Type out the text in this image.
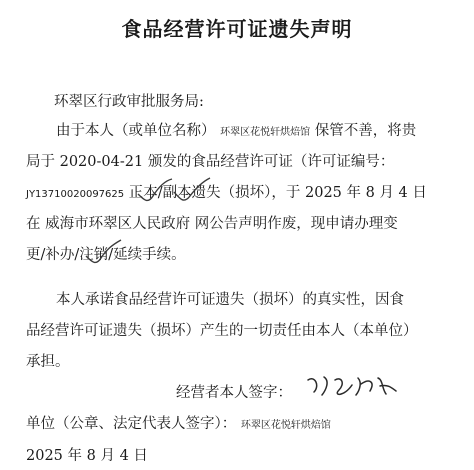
食品经营许可证遗失声明
环翠区行政审批服务局:
由于本人（或单位名称） 环翠区花悦轩烘焙馆 保管不善，将贵
局于 2020-04-21 颁发的食品经营许可证（许可证编号：
JY13710020097625 正本/副本遗失（损坏），于 2025 年 8 月 4 日
在 威海市环翠区人民政府 网公告声明作废，现申请办理变
更/补办/注销/延续手续。
本人承诺食品经营许可证遗失（损坏）的真实性，因食
品经营许可证遗失（损坏）产生的一切责任由本人（本单位）
承担。
经营者本人签字：
单位（公章、法定代表人签字）： 环翠区花悦轩烘焙馆
2025 年 8 月 4 日
